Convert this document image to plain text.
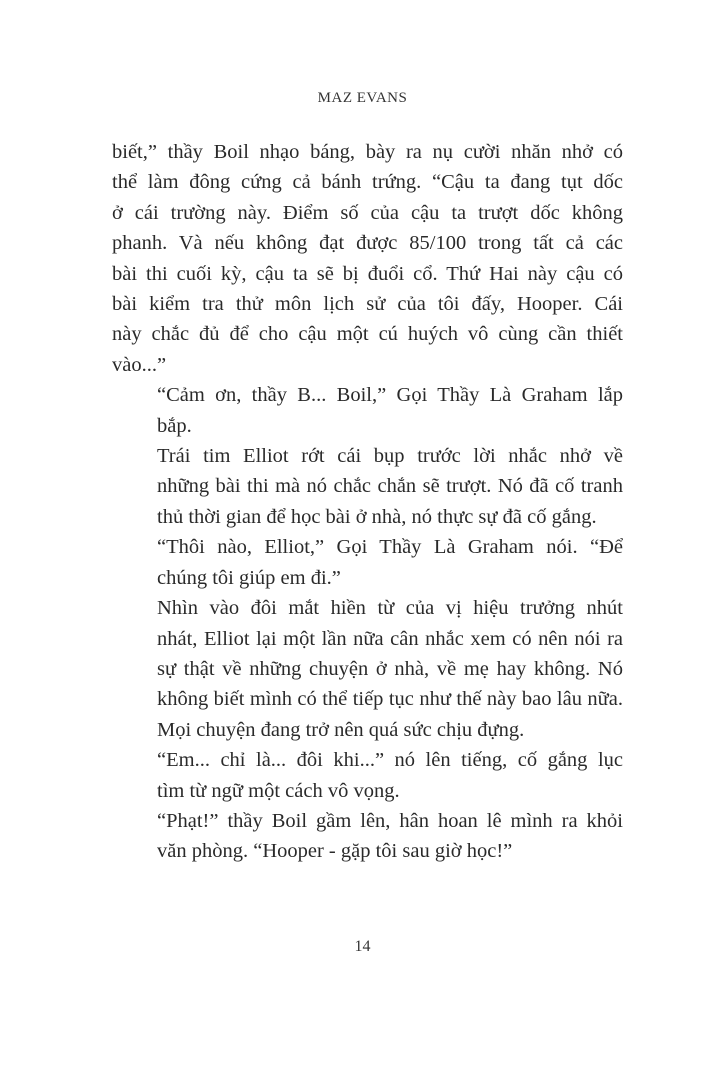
MAZ EVANS

biết,” thầy Boil nhạo báng, bày ra nụ cười nhăn nhở có
thể làm đông cứng cả bánh trứng. “Cậu ta đang tụt dốc
ở cái trường này. Điểm số của cậu ta trượt dốc không
phanh. Và nếu không đạt được 85/100 trong tất cả các
bài thi cuối kỳ, cậu ta sẽ bị đuổi cổ. Thứ Hai này cậu có
bài kiểm tra thử môn lịch sử của tôi đấy, Hooper. Cái
này chắc đủ để cho cậu một cú huých vô cùng cần thiết
vào...”

“Cảm ơn, thầy B... Boil,” Gọi Thầy Là Graham lắp
bắp.

Trái tim Elliot rớt cái bụp trước lời nhắc nhở về
những bài thi mà nó chắc chắn sẽ trượt. Nó đã cố tranh
thủ thời gian để học bài ở nhà, nó thực sự đã cố gắng.

“Thôi nào, Elliot,” Gọi Thầy Là Graham nói. “Để
chúng tôi giúp em đi.”

Nhìn vào đôi mắt hiền từ của vị hiệu trưởng nhút
nhát, Elliot lại một lần nữa cân nhắc xem có nên nói ra
sự thật về những chuyện ở nhà, về mẹ hay không. Nó
không biết mình có thể tiếp tục như thế này bao lâu nữa.
Mọi chuyện đang trở nên quá sức chịu đựng.

“Em... chỉ là... đôi khi...” nó lên tiếng, cố gắng lục
tìm từ ngữ một cách vô vọng.

“Phạt!” thầy Boil gầm lên, hân hoan lê mình ra khỏi
văn phòng. “Hooper - gặp tôi sau giờ học!”

14
